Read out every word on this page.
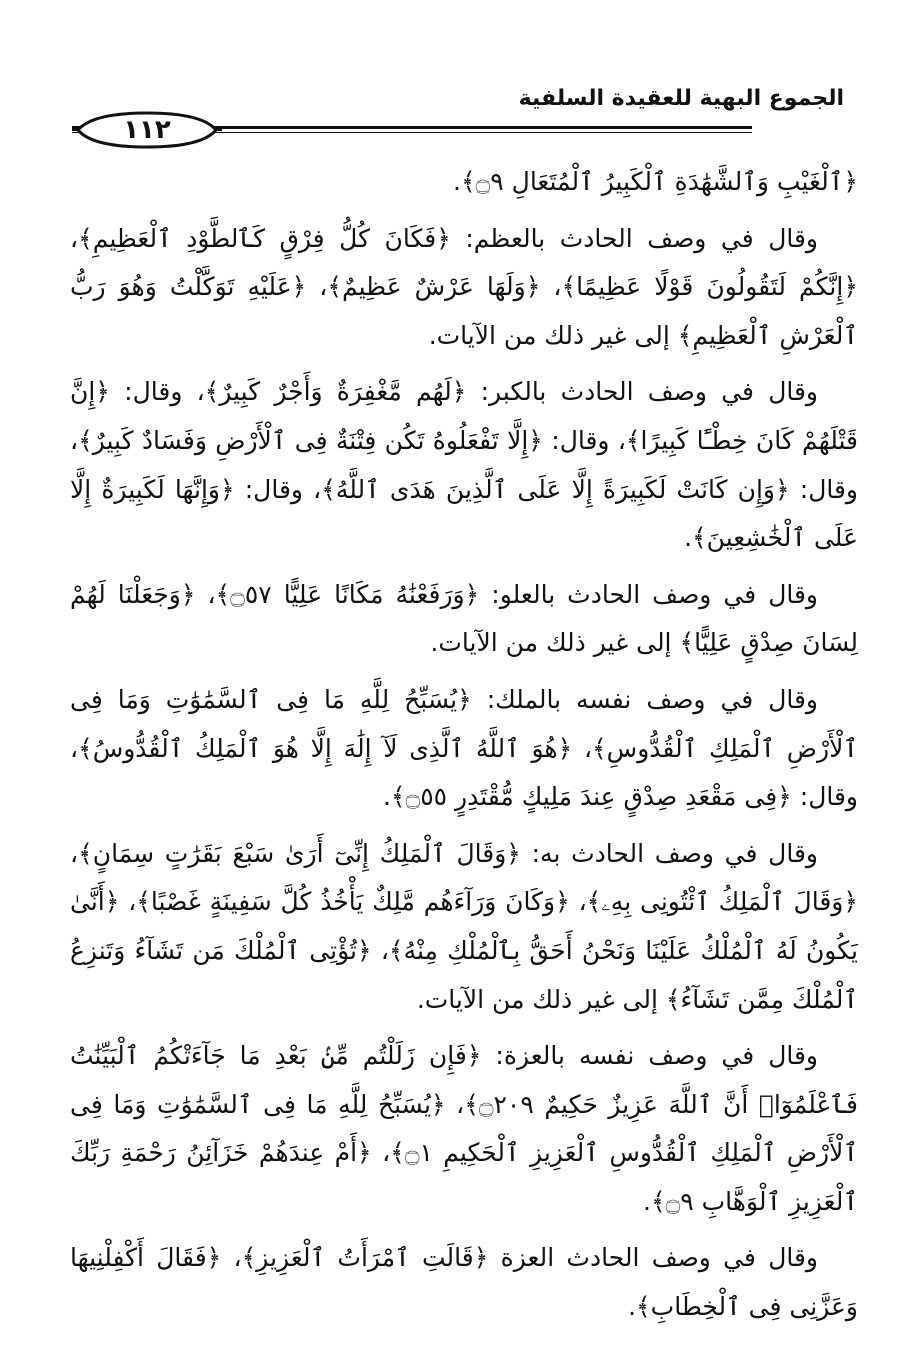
الجموع البهية للعقيدة السلفية
١١٢

﴿ٱلْغَيْبِ وَٱلشَّهَٰدَةِ ٱلْكَبِيرُ ٱلْمُتَعَالِ ۝٩﴾.

وقال في وصف الحادث بالعظم: ﴿فَكَانَ كُلُّ فِرْقٍ كَٱلطَّوْدِ ٱلْعَظِيمِ﴾، ﴿إِنَّكُمْ لَتَقُولُونَ قَوْلًا عَظِيمًا﴾، ﴿وَلَهَا عَرْشٌ عَظِيمٌ﴾، ﴿عَلَيْهِ تَوَكَّلْتُ وَهُوَ رَبُّ ٱلْعَرْشِ ٱلْعَظِيمِ﴾ إلى غير ذلك من الآيات.

وقال في وصف الحادث بالكبر: ﴿لَهُم مَّغْفِرَةٌ وَأَجْرٌ كَبِيرٌ﴾، وقال: ﴿إِنَّ قَتْلَهُمْ كَانَ خِطْـًٔا كَبِيرًا﴾، وقال: ﴿إِلَّا تَفْعَلُوهُ تَكُن فِتْنَةٌ فِى ٱلْأَرْضِ وَفَسَادٌ كَبِيرٌ﴾، وقال: ﴿وَإِن كَانَتْ لَكَبِيرَةً إِلَّا عَلَى ٱلَّذِينَ هَدَى ٱللَّهُ﴾، وقال: ﴿وَإِنَّهَا لَكَبِيرَةٌ إِلَّا عَلَى ٱلْخَٰشِعِينَ﴾.

وقال في وصف الحادث بالعلو: ﴿وَرَفَعْنَٰهُ مَكَانًا عَلِيًّا ۝٥٧﴾، ﴿وَجَعَلْنَا لَهُمْ لِسَانَ صِدْقٍ عَلِيًّا﴾ إلى غير ذلك من الآيات.

وقال في وصف نفسه بالملك: ﴿يُسَبِّحُ لِلَّهِ مَا فِى ٱلسَّمَٰوَٰتِ وَمَا فِى ٱلْأَرْضِ ٱلْمَلِكِ ٱلْقُدُّوسِ﴾، ﴿هُوَ ٱللَّهُ ٱلَّذِى لَآ إِلَٰهَ إِلَّا هُوَ ٱلْمَلِكُ ٱلْقُدُّوسُ﴾، وقال: ﴿فِى مَقْعَدِ صِدْقٍ عِندَ مَلِيكٍ مُّقْتَدِرٍ ۝٥٥﴾.

وقال في وصف الحادث به: ﴿وَقَالَ ٱلْمَلِكُ إِنِّىٓ أَرَىٰ سَبْعَ بَقَرَٰتٍ سِمَانٍ﴾، ﴿وَقَالَ ٱلْمَلِكُ ٱئْتُونِى بِهِۦ﴾، ﴿وَكَانَ وَرَآءَهُم مَّلِكٌ يَأْخُذُ كُلَّ سَفِينَةٍ غَصْبًا﴾، ﴿أَنَّىٰ يَكُونُ لَهُ ٱلْمُلْكُ عَلَيْنَا وَنَحْنُ أَحَقُّ بِٱلْمُلْكِ مِنْهُ﴾، ﴿تُؤْتِى ٱلْمُلْكَ مَن تَشَآءُ وَتَنزِعُ ٱلْمُلْكَ مِمَّن تَشَآءُ﴾ إلى غير ذلك من الآيات.

وقال في وصف نفسه بالعزة: ﴿فَإِن زَلَلْتُم مِّنۢ بَعْدِ مَا جَآءَتْكُمُ ٱلْبَيِّنَٰتُ فَٱعْلَمُوٓا۟ أَنَّ ٱللَّهَ عَزِيزٌ حَكِيمٌ ۝٢٠٩﴾، ﴿يُسَبِّحُ لِلَّهِ مَا فِى ٱلسَّمَٰوَٰتِ وَمَا فِى ٱلْأَرْضِ ٱلْمَلِكِ ٱلْقُدُّوسِ ٱلْعَزِيزِ ٱلْحَكِيمِ ۝١﴾، ﴿أَمْ عِندَهُمْ خَزَآئِنُ رَحْمَةِ رَبِّكَ ٱلْعَزِيزِ ٱلْوَهَّابِ ۝٩﴾.

وقال في وصف الحادث العزة ﴿قَالَتِ ٱمْرَأَتُ ٱلْعَزِيزِ﴾، ﴿فَقَالَ أَكْفِلْنِيهَا وَعَزَّنِى فِى ٱلْخِطَابِ﴾.
